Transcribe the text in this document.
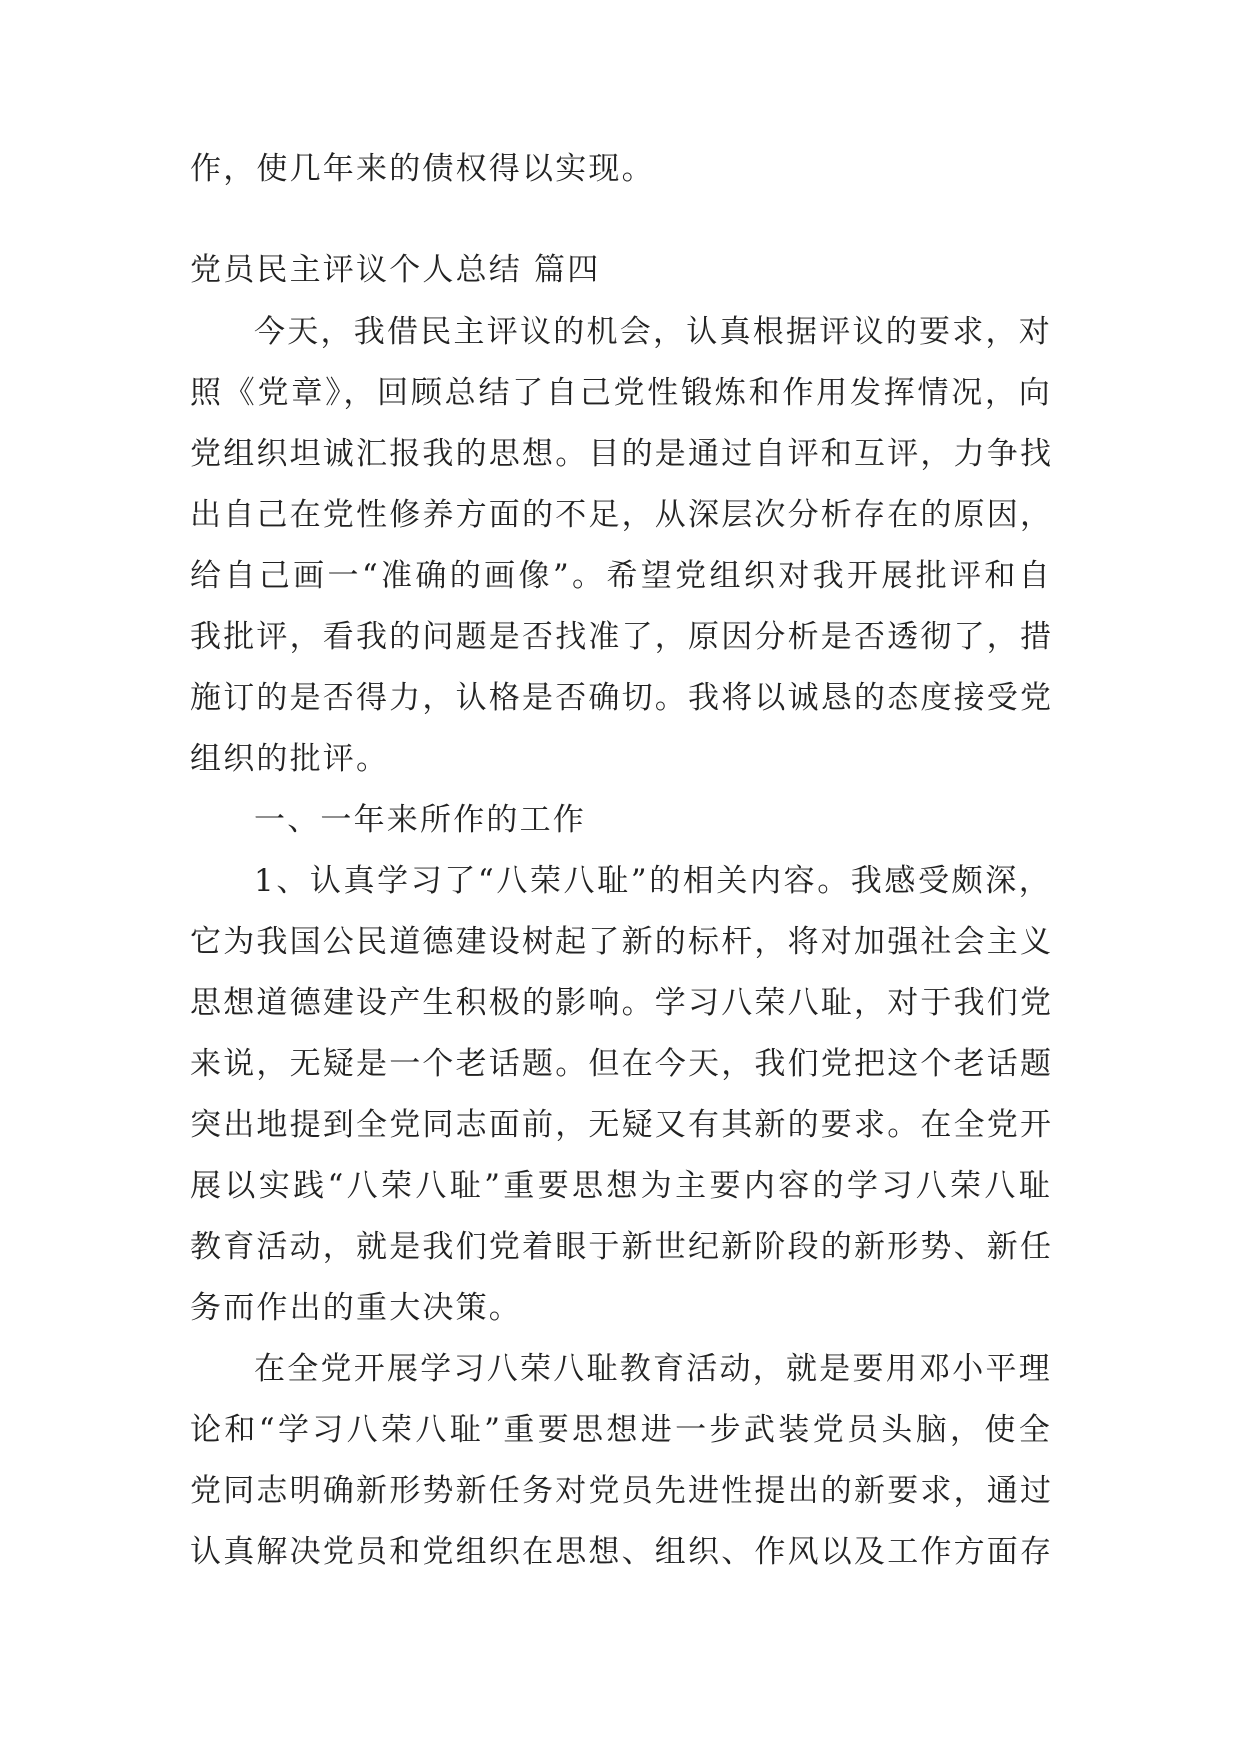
作，使几年来的债权得以实现。
党员民主评议个人总结 篇四
今天，我借民主评议的机会，认真根据评议的要求，对
照《党章》，回顾总结了自己党性锻炼和作用发挥情况，向
党组织坦诚汇报我的思想。目的是通过自评和互评，力争找
出自己在党性修养方面的不足，从深层次分析存在的原因，
给自己画一“准确的画像”。希望党组织对我开展批评和自
我批评，看我的问题是否找准了，原因分析是否透彻了，措
施订的是否得力，认格是否确切。我将以诚恳的态度接受党
组织的批评。
一、一年来所作的工作
1、认真学习了“八荣八耻”的相关内容。我感受颇深，
它为我国公民道德建设树起了新的标杆，将对加强社会主义
思想道德建设产生积极的影响。学习八荣八耻，对于我们党
来说，无疑是一个老话题。但在今天，我们党把这个老话题
突出地提到全党同志面前，无疑又有其新的要求。在全党开
展以实践“八荣八耻”重要思想为主要内容的学习八荣八耻
教育活动，就是我们党着眼于新世纪新阶段的新形势、新任
务而作出的重大决策。
在全党开展学习八荣八耻教育活动，就是要用邓小平理
论和“学习八荣八耻”重要思想进一步武装党员头脑，使全
党同志明确新形势新任务对党员先进性提出的新要求，通过
认真解决党员和党组织在思想、组织、作风以及工作方面存
